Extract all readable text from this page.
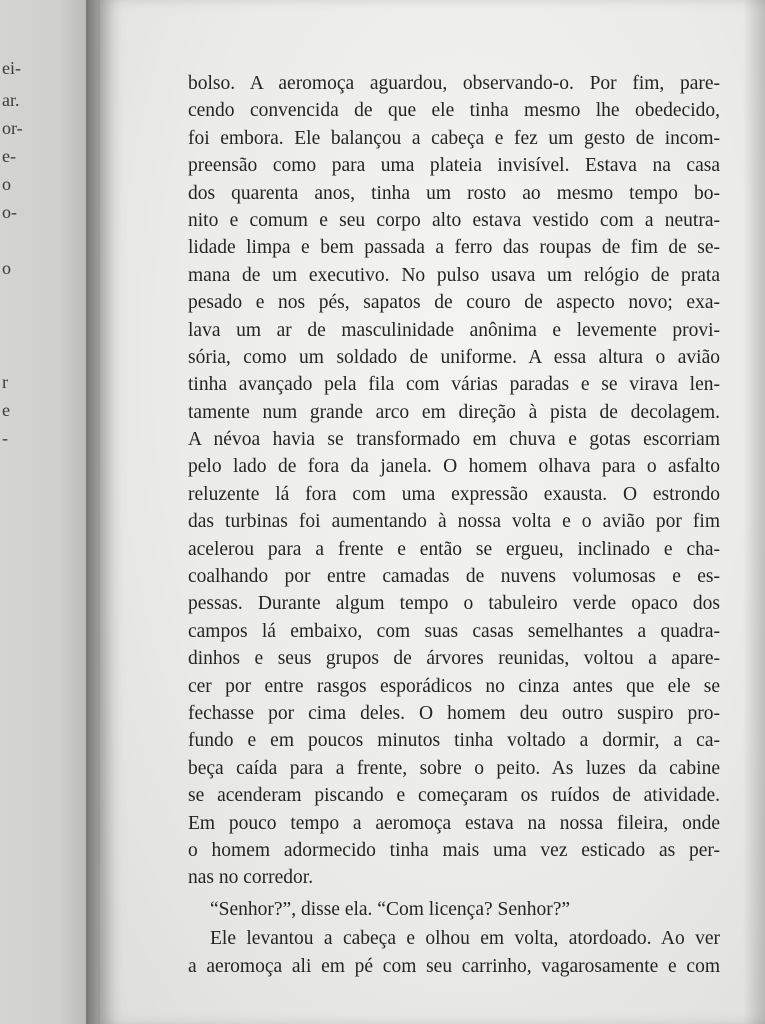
ei-
ar.
or-
e-
o
o-
o
r
e
-
bolso. A aeromoça aguardou, observando-o. Por fim, pare-
cendo convencida de que ele tinha mesmo lhe obedecido,
foi embora. Ele balançou a cabeça e fez um gesto de incom-
preensão como para uma plateia invisível. Estava na casa
dos quarenta anos, tinha um rosto ao mesmo tempo bo-
nito e comum e seu corpo alto estava vestido com a neutra-
lidade limpa e bem passada a ferro das roupas de fim de se-
mana de um executivo. No pulso usava um relógio de prata
pesado e nos pés, sapatos de couro de aspecto novo; exa-
lava um ar de masculinidade anônima e levemente provi-
sória, como um soldado de uniforme. A essa altura o avião
tinha avançado pela fila com várias paradas e se virava len-
tamente num grande arco em direção à pista de decolagem.
A névoa havia se transformado em chuva e gotas escorriam
pelo lado de fora da janela. O homem olhava para o asfalto
reluzente lá fora com uma expressão exausta. O estrondo
das turbinas foi aumentando à nossa volta e o avião por fim
acelerou para a frente e então se ergueu, inclinado e cha-
coalhando por entre camadas de nuvens volumosas e es-
pessas. Durante algum tempo o tabuleiro verde opaco dos
campos lá embaixo, com suas casas semelhantes a quadra-
dinhos e seus grupos de árvores reunidas, voltou a apare-
cer por entre rasgos esporádicos no cinza antes que ele se
fechasse por cima deles. O homem deu outro suspiro pro-
fundo e em poucos minutos tinha voltado a dormir, a ca-
beça caída para a frente, sobre o peito. As luzes da cabine
se acenderam piscando e começaram os ruídos de atividade.
Em pouco tempo a aeromoça estava na nossa fileira, onde
o homem adormecido tinha mais uma vez esticado as per-
nas no corredor.
“Senhor?”, disse ela. “Com licença? Senhor?”
Ele levantou a cabeça e olhou em volta, atordoado. Ao ver
a aeromoça ali em pé com seu carrinho, vagarosamente e com
